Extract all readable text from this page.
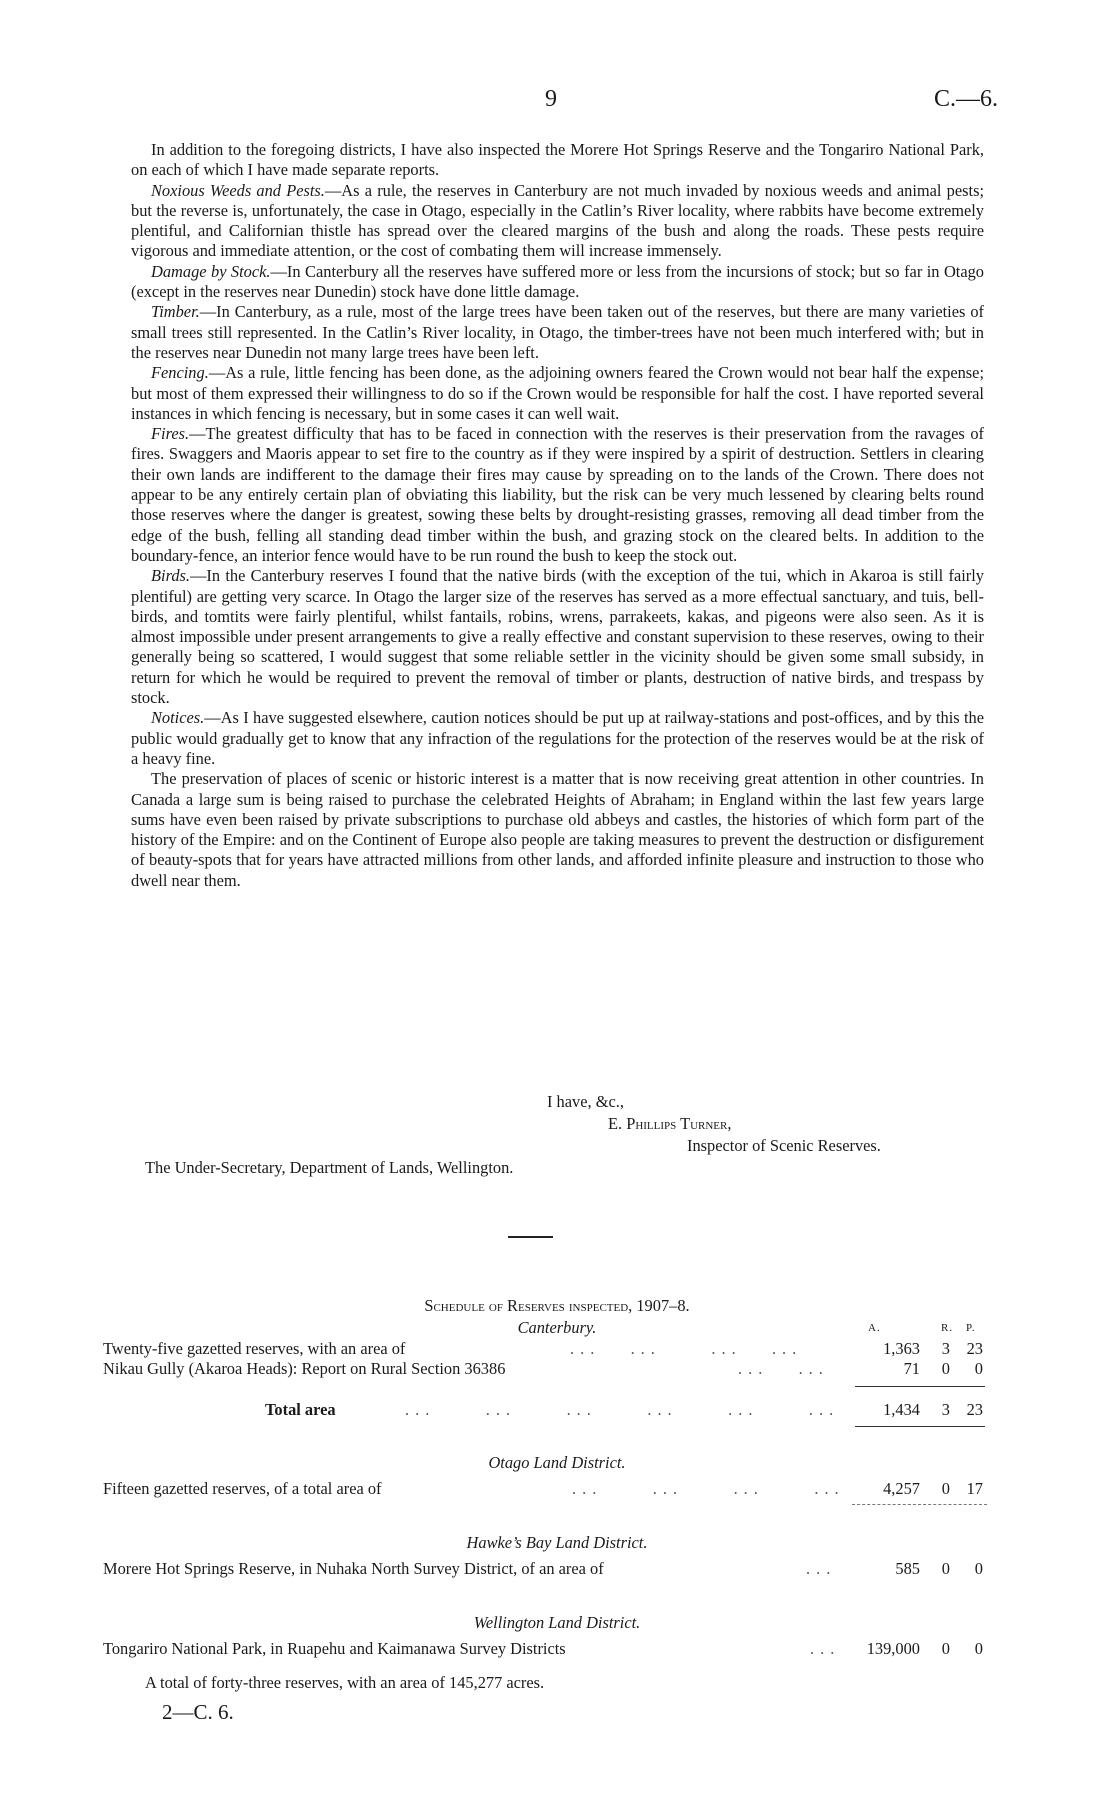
9	C.—6.

In addition to the foregoing districts, I have also inspected the Morere Hot Springs Reserve and the Tongariro National Park, on each of which I have made separate reports.

Noxious Weeds and Pests.—As a rule, the reserves in Canterbury are not much invaded by noxious weeds and animal pests; but the reverse is, unfortunately, the case in Otago, especially in the Catlin’s River locality, where rabbits have become extremely plentiful, and Californian thistle has spread over the cleared margins of the bush and along the roads. These pests require vigorous and immediate attention, or the cost of combating them will increase immensely.

Damage by Stock.—In Canterbury all the reserves have suffered more or less from the incursions of stock; but so far in Otago (except in the reserves near Dunedin) stock have done little damage.

Timber.—In Canterbury, as a rule, most of the large trees have been taken out of the reserves, but there are many varieties of small trees still represented. In the Catlin’s River locality, in Otago, the timber-trees have not been much interfered with; but in the reserves near Dunedin not many large trees have been left.

Fencing.—As a rule, little fencing has been done, as the adjoining owners feared the Crown would not bear half the expense; but most of them expressed their willingness to do so if the Crown would be responsible for half the cost. I have reported several instances in which fencing is necessary, but in some cases it can well wait.

Fires.—The greatest difficulty that has to be faced in connection with the reserves is their preservation from the ravages of fires. Swaggers and Maoris appear to set fire to the country as if they were inspired by a spirit of destruction. Settlers in clearing their own lands are indifferent to the damage their fires may cause by spreading on to the lands of the Crown. There does not appear to be any entirely certain plan of obviating this liability, but the risk can be very much lessened by clearing belts round those reserves where the danger is greatest, sowing these belts by drought-resisting grasses, removing all dead timber from the edge of the bush, felling all standing dead timber within the bush, and grazing stock on the cleared belts. In addition to the boundary-fence, an interior fence would have to be run round the bush to keep the stock out.

Birds.—In the Canterbury reserves I found that the native birds (with the exception of the tui, which in Akaroa is still fairly plentiful) are getting very scarce. In Otago the larger size of the reserves has served as a more effectual sanctuary, and tuis, bell-birds, and tomtits were fairly plentiful, whilst fantails, robins, wrens, parrakeets, kakas, and pigeons were also seen. As it is almost impossible under present arrangements to give a really effective and constant supervision to these reserves, owing to their generally being so scattered, I would suggest that some reliable settler in the vicinity should be given some small subsidy, in return for which he would be required to prevent the removal of timber or plants, destruction of native birds, and trespass by stock.

Notices.—As I have suggested elsewhere, caution notices should be put up at railway-stations and post-offices, and by this the public would gradually get to know that any infraction of the regulations for the protection of the reserves would be at the risk of a heavy fine.

The preservation of places of scenic or historic interest is a matter that is now receiving great attention in other countries. In Canada a large sum is being raised to purchase the celebrated Heights of Abraham; in England within the last few years large sums have even been raised by private subscriptions to purchase old abbeys and castles, the histories of which form part of the history of the Empire: and on the Continent of Europe also people are taking measures to prevent the destruction or disfigurement of beauty-spots that for years have attracted millions from other lands, and afforded infinite pleasure and instruction to those who dwell near them.

I have, &c.,
E. Phillips Turner,
Inspector of Scenic Reserves.
The Under-Secretary, Department of Lands, Wellington.
Schedule of Reserves inspected, 1907–8.
Canterbury.	A.	R. P.
Twenty-five gazetted reserves, with an area of	...   ...     ...   ...	1,363	3	23
Nikau Gully (Akaroa Heads): Report on Rural Section 36386	...   ...	71	0	0
Total area	...     ...     ...     ...     ...     ...	1,434	3	23
Otago Land District.
Fifteen gazetted reserves, of a total area of	...     ...     ...     ...	4,257	0	17
Hawke’s Bay Land District.
Morere Hot Springs Reserve, in Nuhaka North Survey District, of an area of	...	585	0	0
Wellington Land District.
Tongariro National Park, in Ruapehu and Kaimanawa Survey Districts	...	139,000	0	0
A total of forty-three reserves, with an area of 145,277 acres.
2—C. 6.
